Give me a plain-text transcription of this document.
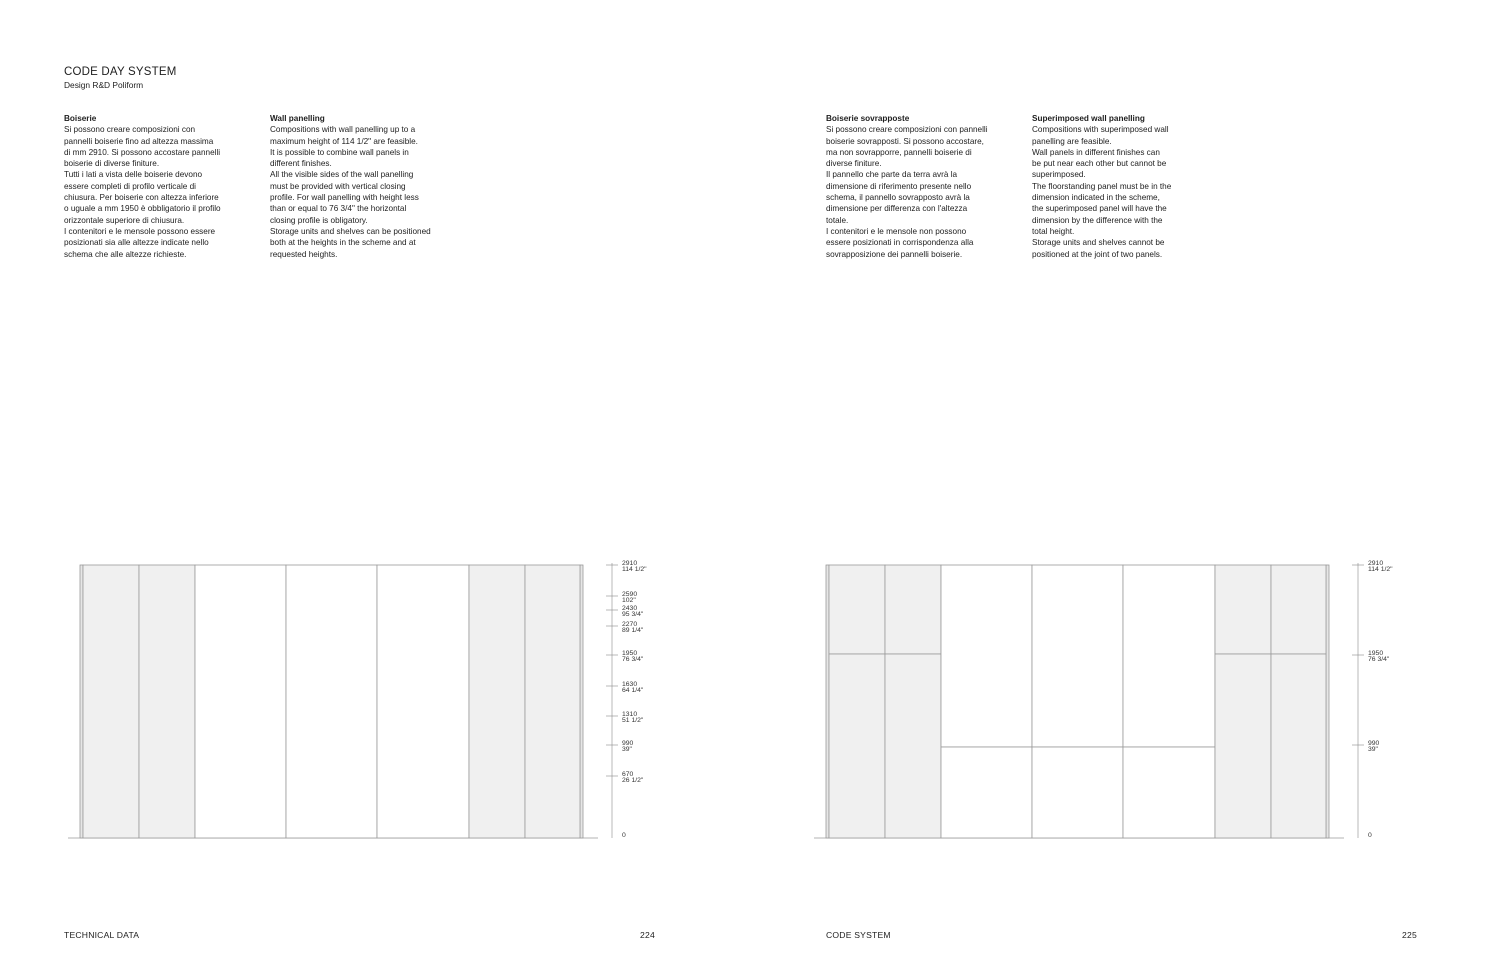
CODE DAY SYSTEM
Design R&D Poliform
Boiserie

Si possono creare composizioni con

pannelli boiserie fino ad altezza massima

di mm 2910. Si possono accostare pannelli

boiserie di diverse finiture.

Tutti i lati a vista delle boiserie devono

essere completi di profilo verticale di

chiusura. Per boiserie con altezza inferiore

o uguale a mm 1950 è obbligatorio il profilo

orizzontale superiore di chiusura.

I contenitori e le mensole possono essere

posizionati sia alle altezze indicate nello

schema che alle altezze richieste.

Wall panelling

Compositions with wall panelling up to a

maximum height of 114 1/2" are feasible.

It is possible to combine wall panels in

different finishes.

All the visible sides of the wall panelling

must be provided with vertical closing

profile. For wall panelling with height less

than or equal to 76 3/4" the horizontal

closing profile is obligatory.

Storage units and shelves can be positioned

both at the heights in the scheme and at

requested heights.

Boiserie sovrapposte

Si possono creare composizioni con pannelli

boiserie sovrapposti. Si possono accostare,

ma non sovrapporre, pannelli boiserie di

diverse finiture.

Il pannello che parte da terra avrà la

dimensione di riferimento presente nello

schema, il pannello sovrapposto avrà la

dimensione per differenza con l'altezza

totale.

I contenitori e le mensole non possono

essere posizionati in corrispondenza alla

sovrapposizione dei pannelli boiserie.

Superimposed wall panelling

Compositions with superimposed wall

panelling are feasible.

Wall panels in different finishes can

be put near each other but cannot be

superimposed.

The floorstanding panel must be in the

dimension indicated in the scheme,

the superimposed panel will have the

dimension by the difference with the

total height.

Storage units and shelves cannot be

positioned at the joint of two panels.

2910
114 1/2"
2590
102"
2430
95 3/4"
2270
89 1/4"
1950
76 3/4"
1630
64 1/4"
1310
51 1/2"
990
39"
670
26 1/2"
0
2910
114 1/2"
1950
76 3/4"
990
39"
0
TECHNICAL DATA	224	CODE SYSTEM	225
